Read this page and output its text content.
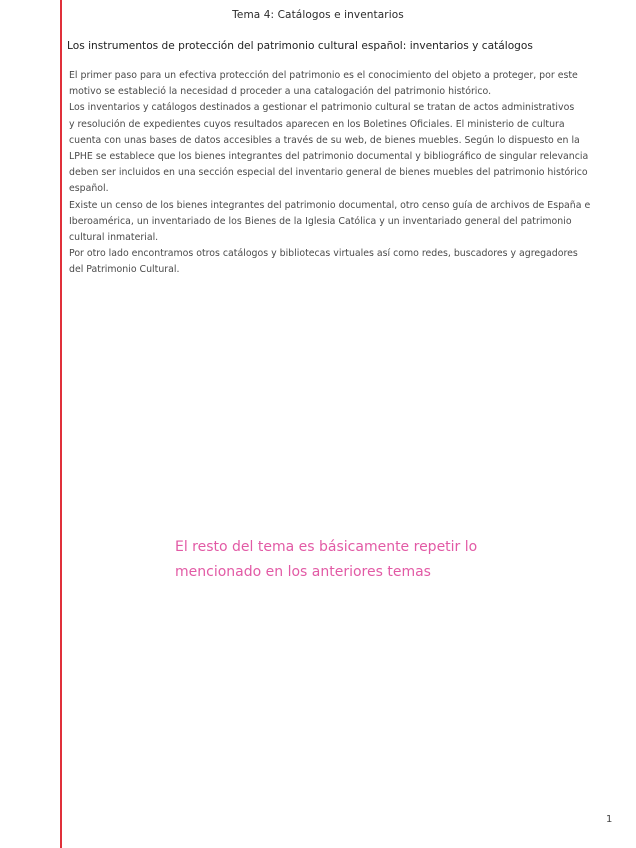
Tema 4: Catálogos e inventarios
Los instrumentos de protección del patrimonio cultural español: inventarios y catálogos
El primer paso para un efectiva protección del patrimonio es el conocimiento del objeto a proteger, por este
motivo se estableció la necesidad d proceder a una catalogación del patrimonio histórico.
Los inventarios y catálogos destinados a gestionar el patrimonio cultural se tratan de actos administrativos
y resolución de expedientes cuyos resultados aparecen en los Boletines Oficiales. El ministerio de cultura
cuenta con unas bases de datos accesibles a través de su web, de bienes muebles. Según lo dispuesto en la
LPHE se establece que los bienes integrantes del patrimonio documental y bibliográfico de singular relevancia
deben ser incluidos en una sección especial del inventario general de bienes muebles del patrimonio histórico
español.
Existe un censo de los bienes integrantes del patrimonio documental, otro censo guía de archivos de España e
Iberoamérica, un inventariado de los Bienes de la Iglesia Católica y un inventariado general del patrimonio
cultural inmaterial.
Por otro lado encontramos otros catálogos y bibliotecas virtuales así como redes, buscadores y agregadores
del Patrimonio Cultural.
El resto del tema es básicamente repetir lo
mencionado en los anteriores temas
1
